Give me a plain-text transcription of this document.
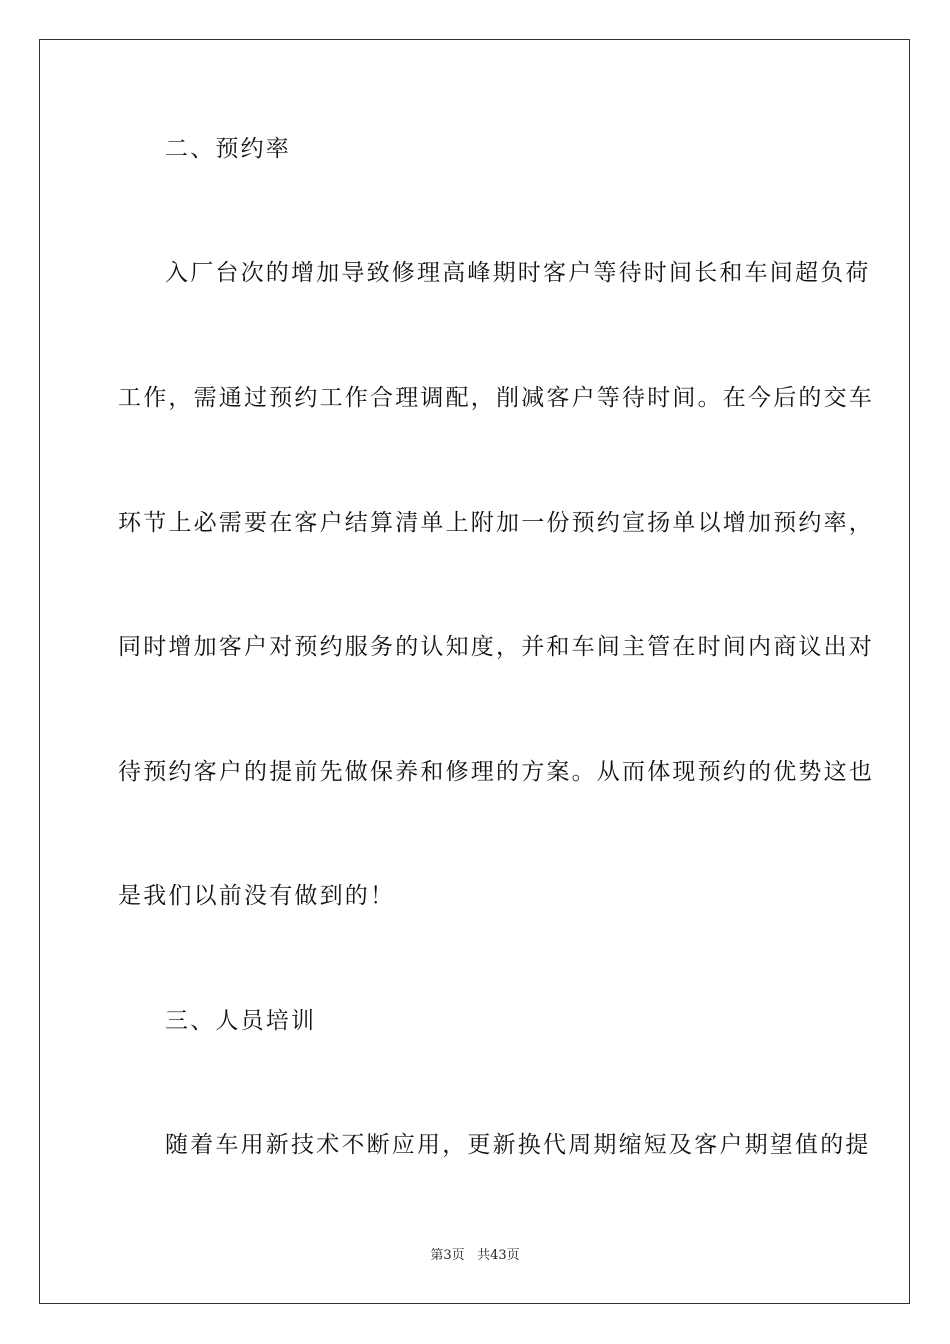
二、预约率
入厂台次的增加导致修理高峰期时客户等待时间长和车间超负荷
工作，需通过预约工作合理调配，削减客户等待时间。在今后的交车
环节上必需要在客户结算清单上附加一份预约宣扬单以增加预约率，
同时增加客户对预约服务的认知度，并和车间主管在时间内商议出对
待预约客户的提前先做保养和修理的方案。从而体现预约的优势这也
是我们以前没有做到的！
三、人员培训
随着车用新技术不断应用，更新换代周期缩短及客户期望值的提
第3页 共43页
